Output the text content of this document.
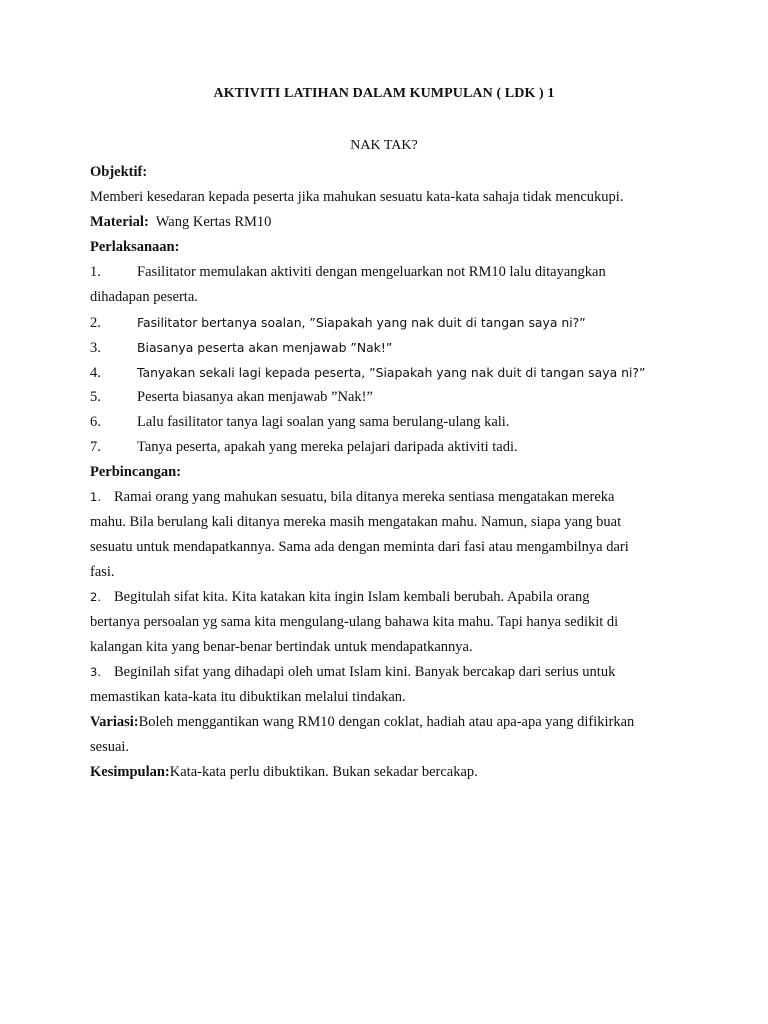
AKTIVITI LATIHAN DALAM KUMPULAN ( LDK ) 1
NAK TAK?
Objektif:
Memberi kesedaran kepada peserta jika mahukan sesuatu kata-kata sahaja tidak mencukupi.
Material: Wang Kertas RM10
Perlaksanaan:
1. Fasilitator memulakan aktiviti dengan mengeluarkan not RM10 lalu ditayangkan
dihadapan peserta.
2.	Fasilitator bertanya soalan, ”Siapakah yang nak duit di tangan saya ni?”
3.	Biasanya peserta akan menjawab ”Nak!”
4.	Tanyakan sekali lagi kepada peserta, ”Siapakah yang nak duit di tangan saya ni?”
5. Peserta biasanya akan menjawab ”Nak!”
6. Lalu fasilitator tanya lagi soalan yang sama berulang-ulang kali.
7. Tanya peserta, apakah yang mereka pelajari daripada aktiviti tadi.
Perbincangan:
1. Ramai orang yang mahukan sesuatu, bila ditanya mereka sentiasa mengatakan mereka
mahu. Bila berulang kali ditanya mereka masih mengatakan mahu. Namun, siapa yang buat
sesuatu untuk mendapatkannya. Sama ada dengan meminta dari fasi atau mengambilnya dari
fasi.
2. Begitulah sifat kita. Kita katakan kita ingin Islam kembali berubah. Apabila orang
bertanya persoalan yg sama kita mengulang-ulang bahawa kita mahu. Tapi hanya sedikit di
kalangan kita yang benar-benar bertindak untuk mendapatkannya.
3. Beginilah sifat yang dihadapi oleh umat Islam kini. Banyak bercakap dari serius untuk
memastikan kata-kata itu dibuktikan melalui tindakan.
Variasi:Boleh menggantikan wang RM10 dengan coklat, hadiah atau apa-apa yang difikirkan
sesuai.
Kesimpulan:Kata-kata perlu dibuktikan. Bukan sekadar bercakap.
